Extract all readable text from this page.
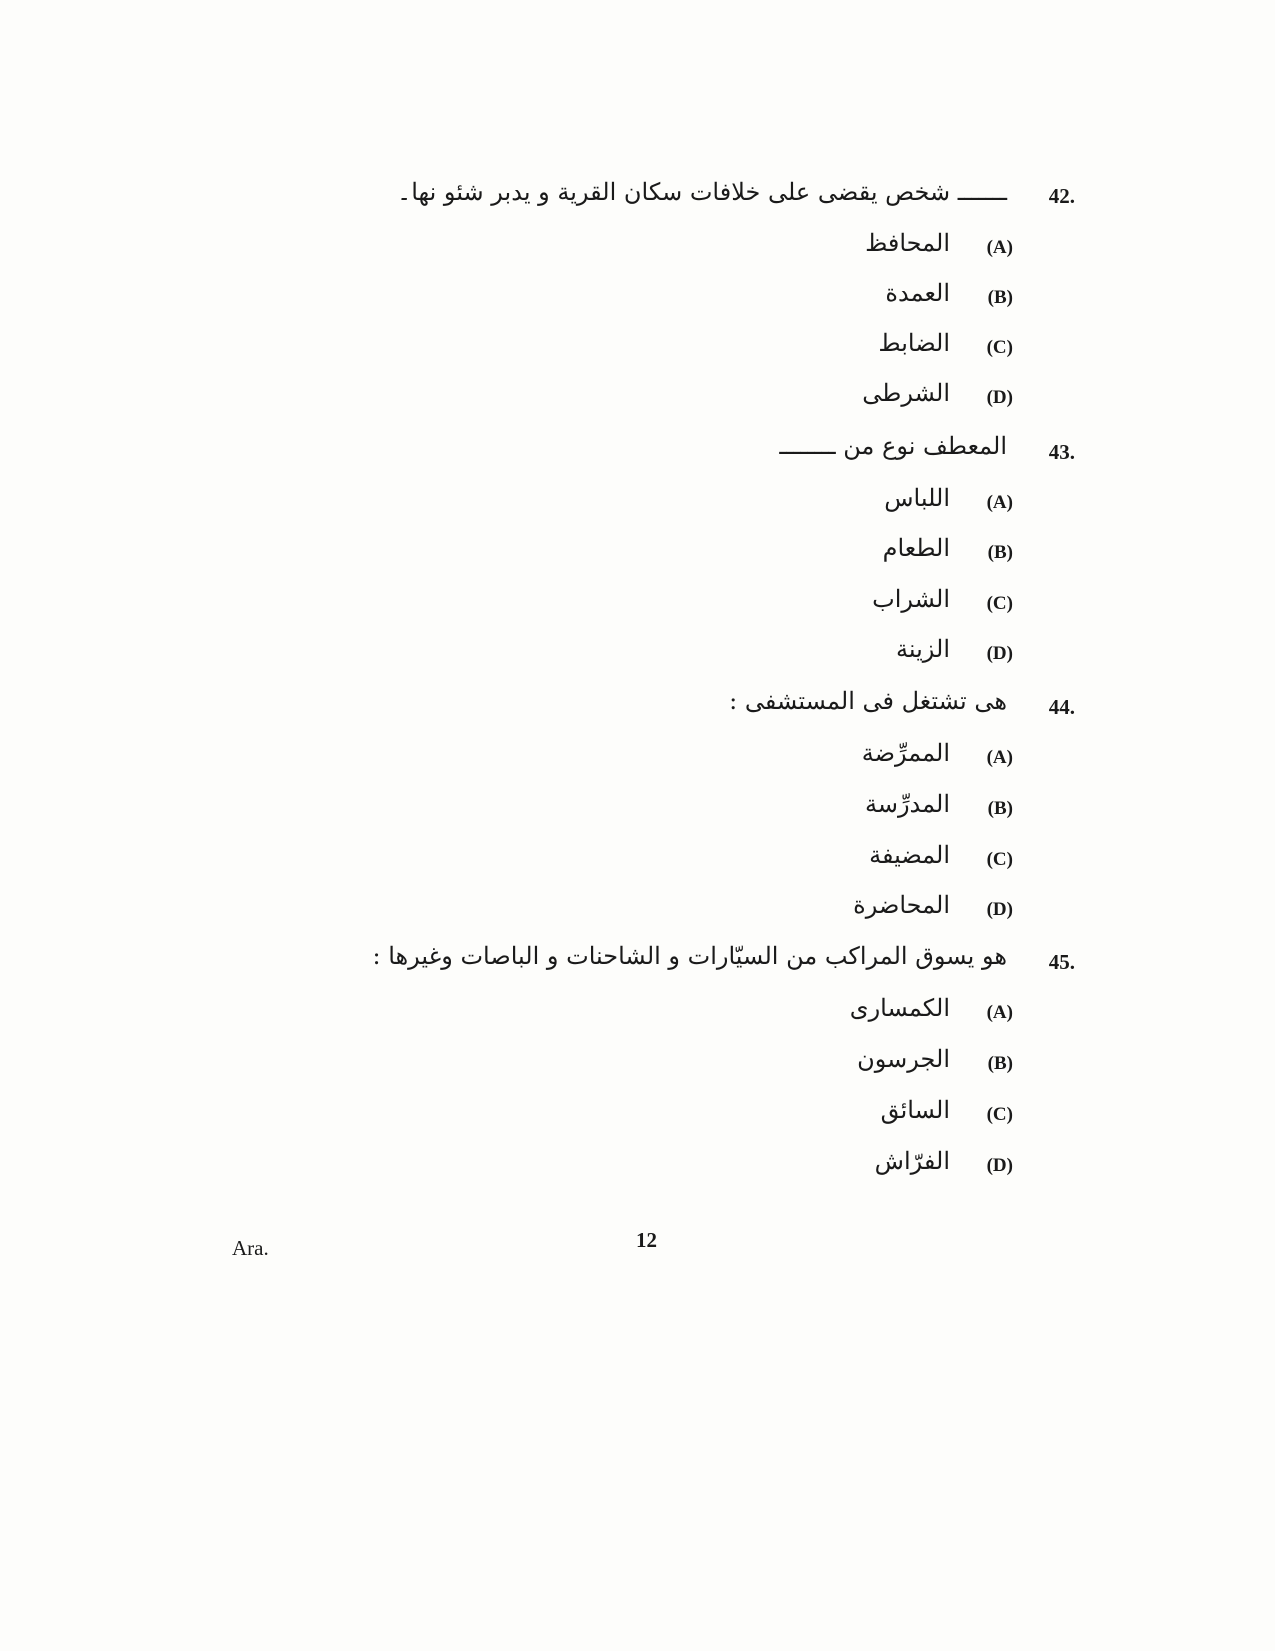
42.
ـــــــ شخص يقضى على خلافات سكان القرية و يدبر شئو نها۔
(A)
المحافظ
(B)
العمدة
(C)
الضابط
(D)
الشرطى
43.
المعطف نوع من ــــــــ
(A)
اللباس
(B)
الطعام
(C)
الشراب
(D)
الزينة
44.
هى تشتغل فى المستشفى :
(A)
الممرِّضة
(B)
المدرِّسة
(C)
المضيفة
(D)
المحاضرة
45.
هو يسوق المراكب من السيّارات و الشاحنات و الباصات وغيرها :
(A)
الكمسارى
(B)
الجرسون
(C)
السائق
(D)
الفرّاش
Ara.	12
